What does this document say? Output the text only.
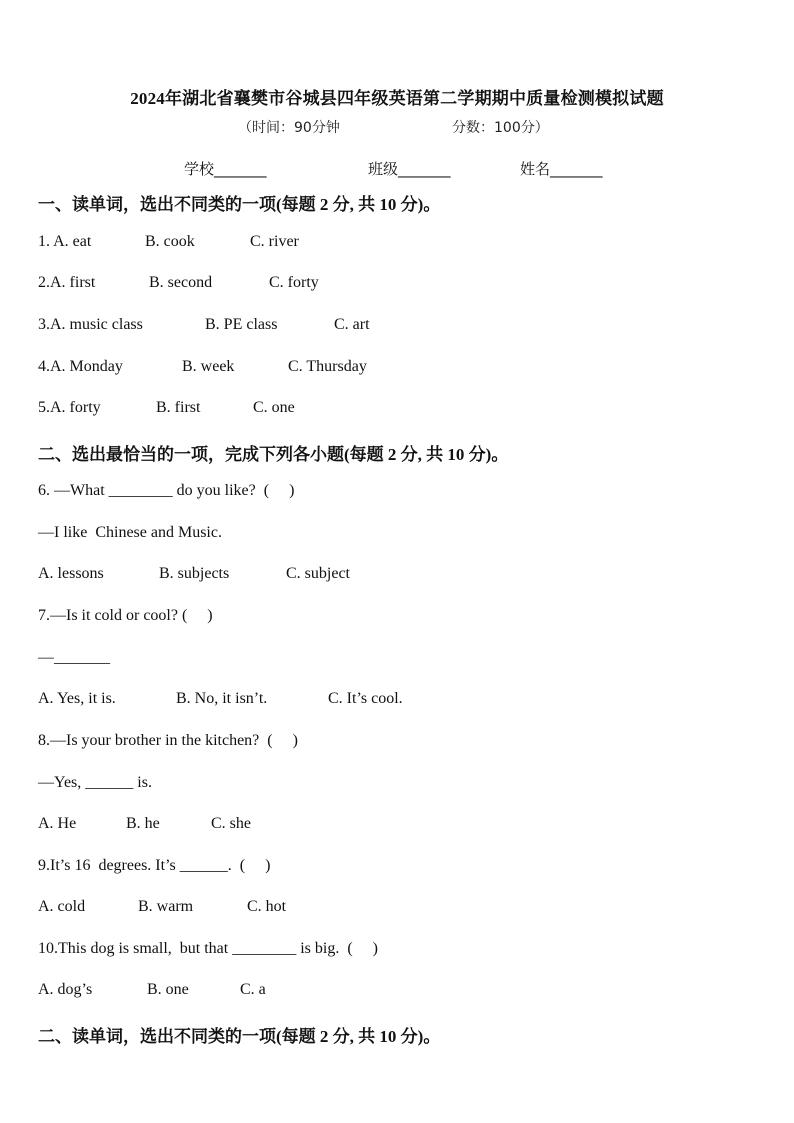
2024年湖北省襄樊市谷城县四年级英语第二学期期中质量检测模拟试题
（时间：90分钟	分数：100分）
学校_______	班级_______	姓名_______
一、读单词，选出不同类的一项(每题 2 分, 共 10 分)。
1. A. eat	B. cook	C. river
2.A. first	B. second	C. forty
3.A. music class	B. PE class	C. art
4.A. Monday	B. week	C. Thursday
5.A. forty	B. first	C. one
二、选出最恰当的一项，完成下列各小题(每题 2 分, 共 10 分)。
6. —What ________ do you like?  (     )
—I like  Chinese and Music.
A. lessons	B. subjects	C. subject
7.—Is it cold or cool? (     )
—_______
A. Yes, it is.	B. No, it isn’t.	C. It’s cool.
8.—Is your brother in the kitchen?  (     )
—Yes, ______ is.
A. He	B. he	C. she
9.It’s 16  degrees. It’s ______.  (     )
A. cold	B. warm	C. hot
10.This dog is small,  but that ________ is big.  (     )
A. dog’s	B. one	C. a
二、读单词，选出不同类的一项(每题 2 分, 共 10 分)。
